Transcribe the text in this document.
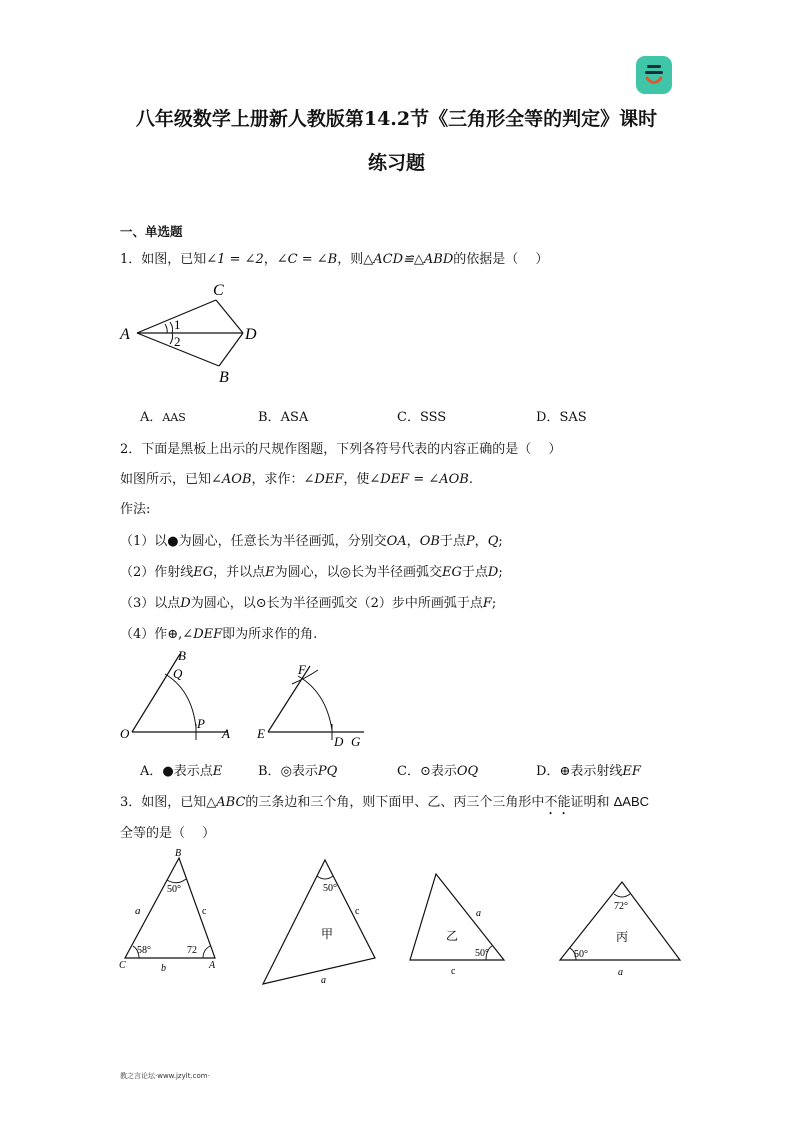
八年级数学上册新人教版第14.2节《三角形全等的判定》课时
练习题
一、单选题
1．如图，已知∠1 = ∠2，∠C = ∠B，则△ACD≌△ABD的依据是（　 ）
A
C
D
B
1
2
A．AAS	B．ASA	C．SSS	D．SAS
2．下面是黑板上出示的尺规作图题，下列各符号代表的内容正确的是（　 ）
如图所示，已知∠AOB，求作：∠DEF，使∠DEF = ∠AOB.
作法:
（1）以●为圆心，任意长为半径画弧，分别交OA，OB于点P，Q;
（2）作射线EG，并以点E为圆心，以◎长为半径画弧交EG于点D;
（3）以点D为圆心，以⊙长为半径画弧交（2）步中所画弧于点F;
（4）作⊕,∠DEF即为所求作的角.
B
Q
O
P
A
F
E
D G
A．●表示点E	B．◎表示PQ	C．⊙表示OQ	D．⊕表示射线EF
3．如图，已知△ABC的三条边和三个角，则下面甲、乙、丙三个三角形中不能证明和 ΔABC
全等的是（　 ）
B
50°
a	c
58°	72
C	b	A
50°
c
甲
a
a
乙
50°
c
72°
丙
50°
a
教之言论坛·www.jzylt.com·
